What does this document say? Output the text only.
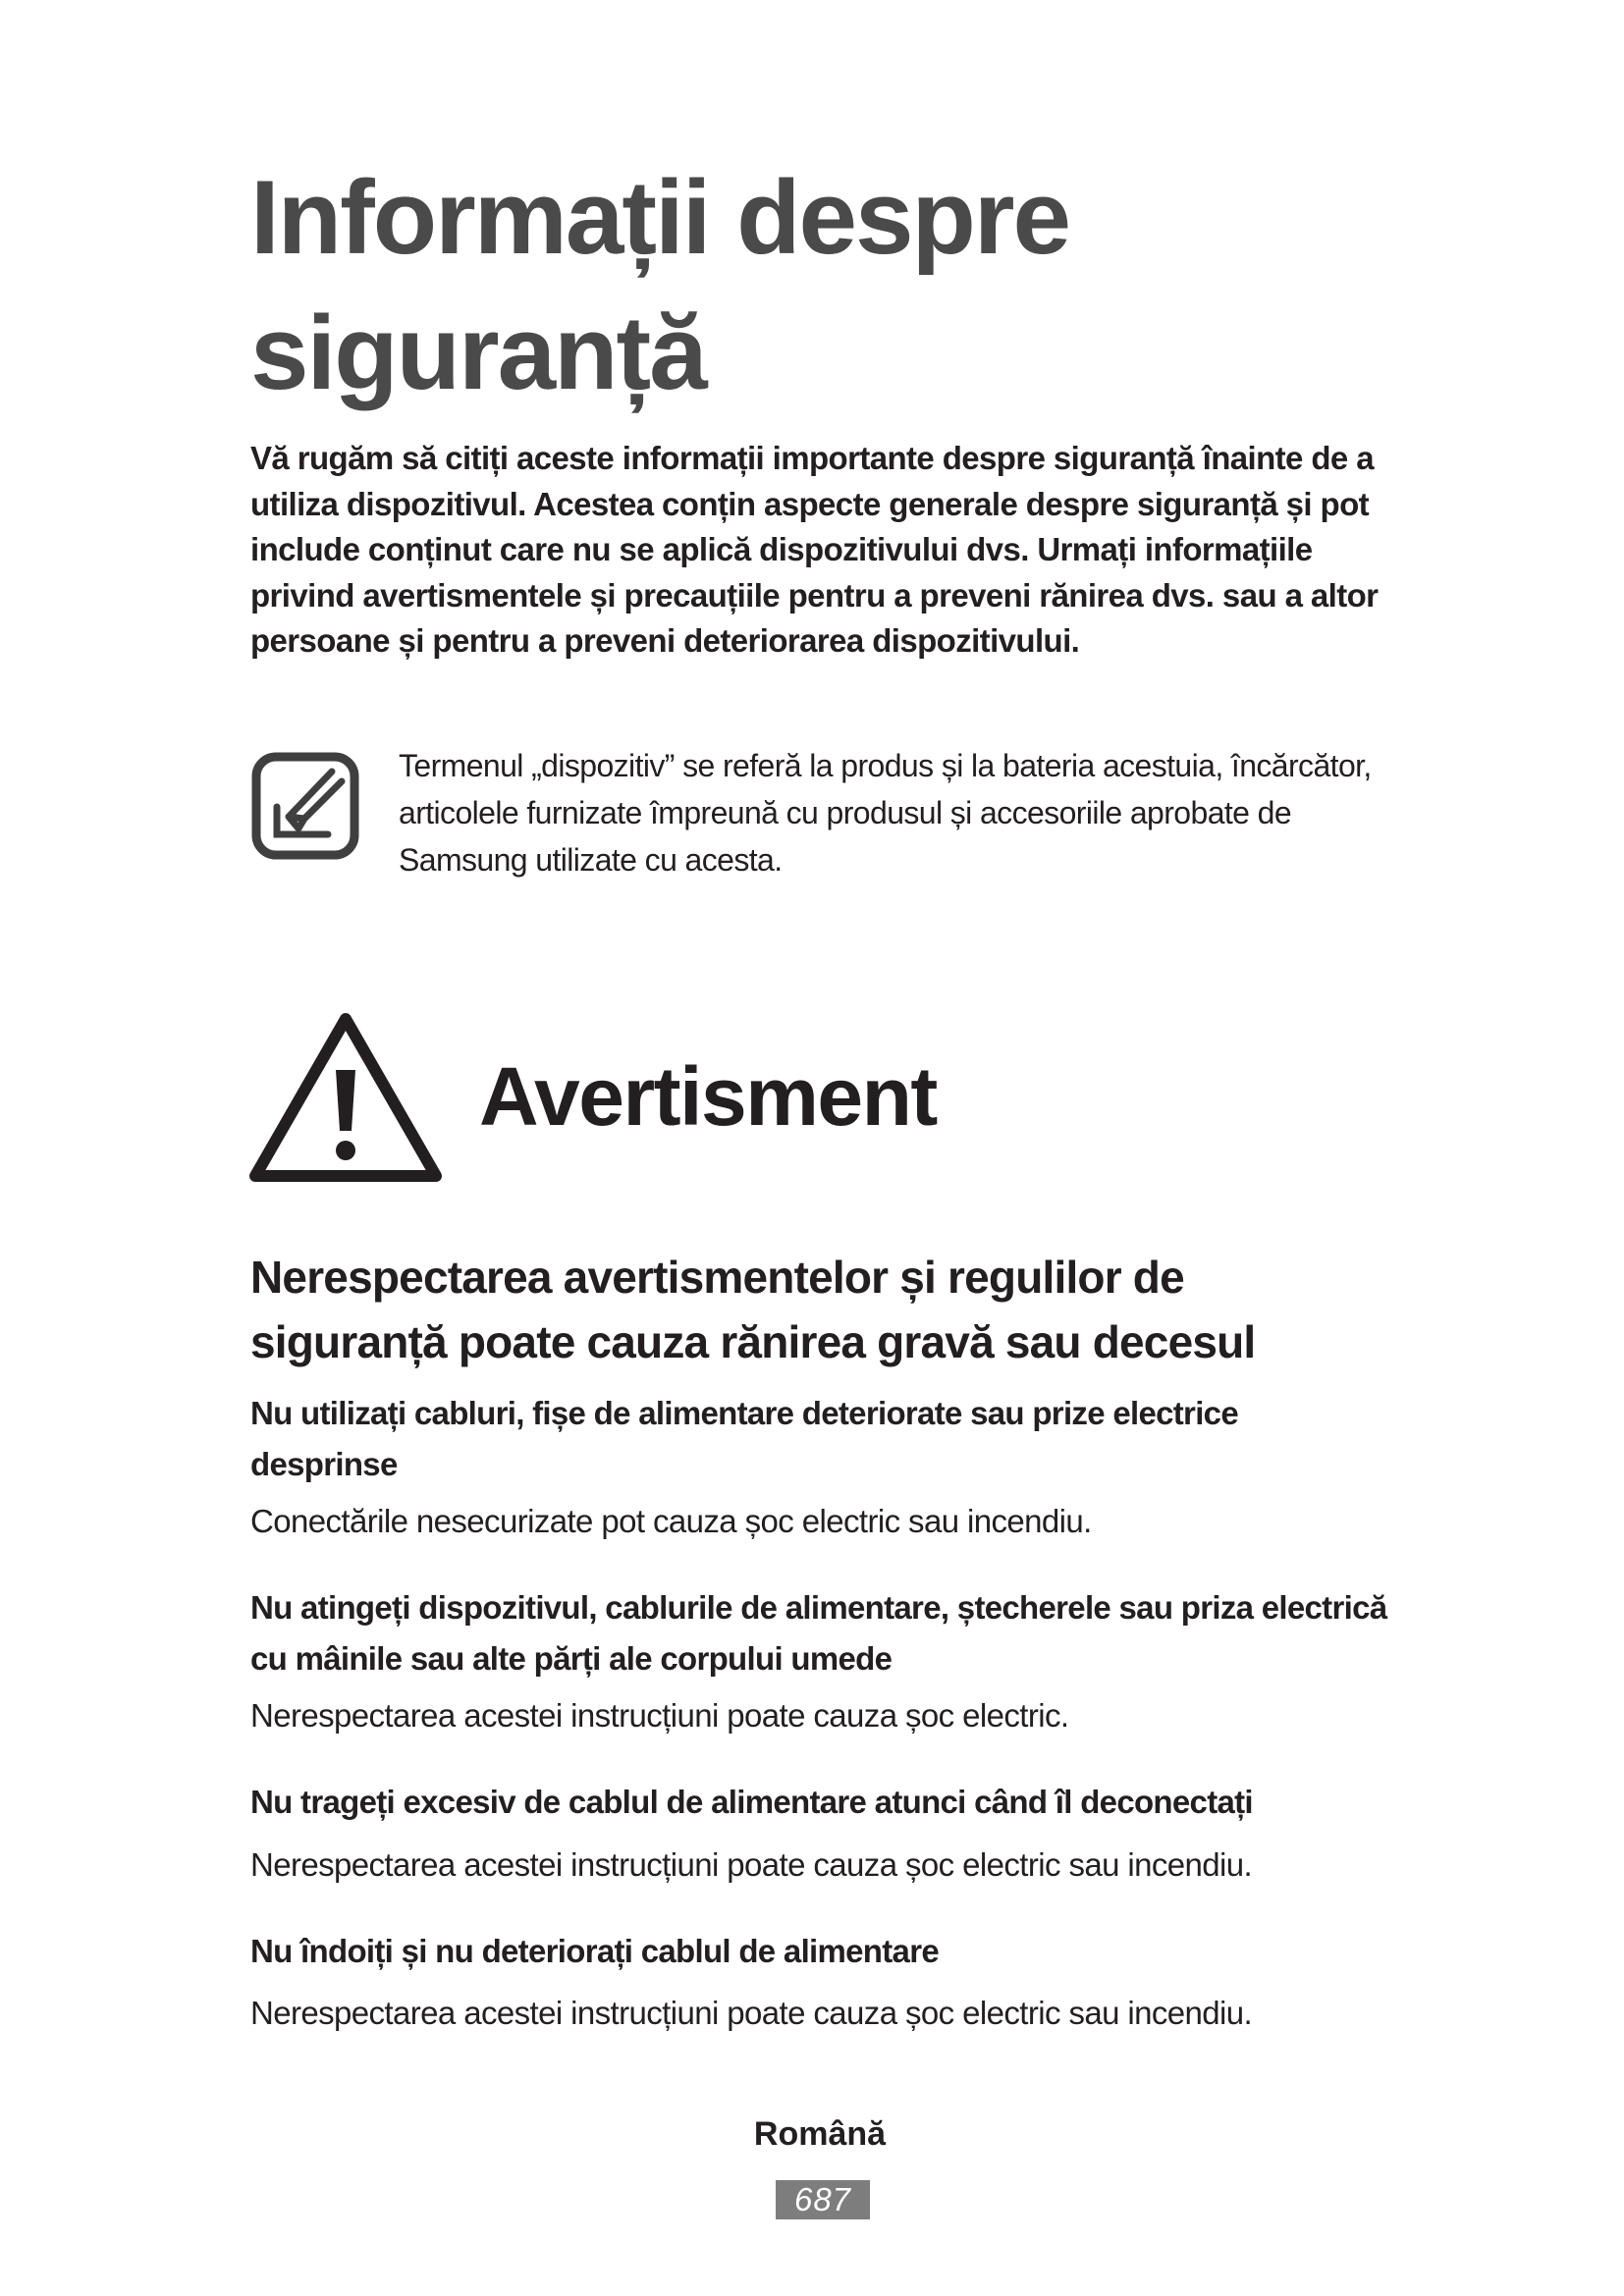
Informații despre
siguranță

Vă rugăm să citiți aceste informații importante despre siguranță înainte de a utiliza dispozitivul. Acestea conțin aspecte generale despre siguranță și pot include conținut care nu se aplică dispozitivului dvs. Urmați informațiile privind avertismentele și precauțiile pentru a preveni rănirea dvs. sau a altor persoane și pentru a preveni deteriorarea dispozitivului.

Termenul „dispozitiv” se referă la produs și la bateria acestuia, încărcător, articolele furnizate împreună cu produsul și accesoriile aprobate de Samsung utilizate cu acesta.

Avertisment
Nerespectarea avertismentelor și regulilor de siguranță poate cauza rănirea gravă sau decesul

Nu utilizați cabluri, fișe de alimentare deteriorate sau prize electrice desprinse

Conectările nesecurizate pot cauza șoc electric sau incendiu.

Nu atingeți dispozitivul, cablurile de alimentare, ștecherele sau priza electrică cu mâinile sau alte părți ale corpului umede

Nerespectarea acestei instrucțiuni poate cauza șoc electric.

Nu trageți excesiv de cablul de alimentare atunci când îl deconectați

Nerespectarea acestei instrucțiuni poate cauza șoc electric sau incendiu.

Nu îndoiți și nu deteriorați cablul de alimentare

Nerespectarea acestei instrucțiuni poate cauza șoc electric sau incendiu.

Română

687
